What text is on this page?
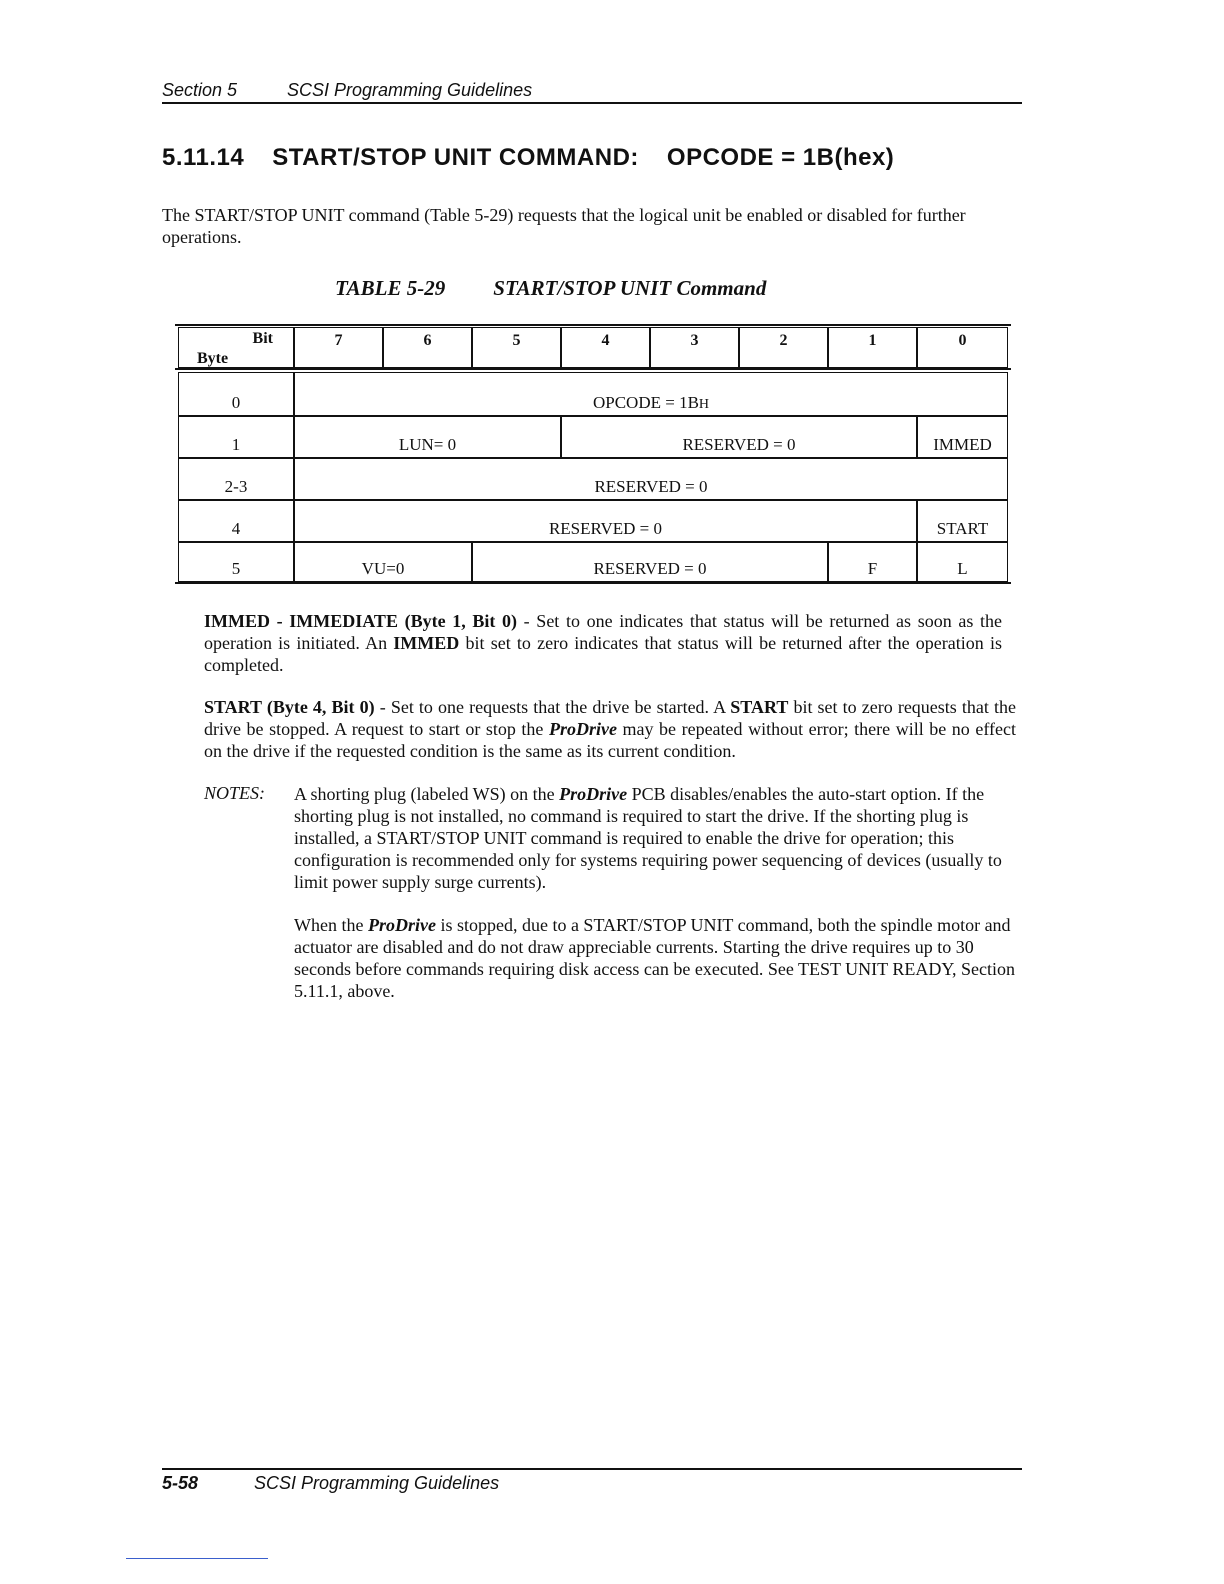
Section 5	SCSI Programming Guidelines
5.11.14 START/STOP UNIT COMMAND: OPCODE = 1B(hex)
The START/STOP UNIT command (Table 5-29) requests that the logical unit be enabled or disabled for further operations.
TABLE 5-29 START/STOP UNIT Command
Bit
Byte
7	6	5	4	3	2	1	0
0	OPCODE = 1B H
1	LUN= 0	RESERVED = 0	IMMED
2-3	RESERVED = 0
4	RESERVED = 0	START
5	VU=0	RESERVED = 0	F	L
IMMED - IMMEDIATE (Byte 1, Bit 0) - Set to one indicates that status will be returned as soon as the operation is initiated. An IMMED bit set to zero indicates that status will be returned after the operation is completed.
START (Byte 4, Bit 0) - Set to one requests that the drive be started. A START bit set to zero requests that the drive be stopped. A request to start or stop the ProDrive may be repeated without error; there will be no effect on the drive if the requested condition is the same as its current condition.
NOTES: A shorting plug (labeled WS) on the ProDrive PCB disables/enables the auto-start option. If the shorting plug is not installed, no command is required to start the drive. If the shorting plug is installed, a START/STOP UNIT command is required to enable the drive for operation; this configuration is recommended only for systems requiring power sequencing of devices (usually to limit power supply surge currents).
When the ProDrive is stopped, due to a START/STOP UNIT command, both the spindle motor and actuator are disabled and do not draw appreciable currents. Starting the drive requires up to 30 seconds before commands requiring disk access can be executed. See TEST UNIT READY, Section 5.11.1, above.
5-58	SCSI Programming Guidelines
